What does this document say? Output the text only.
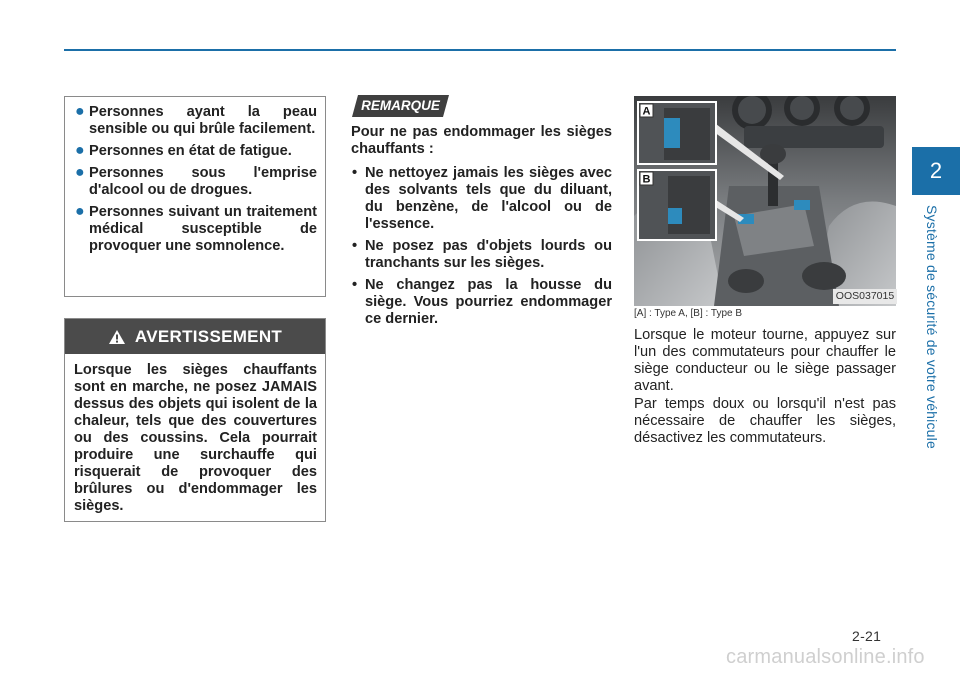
2
Système de sécurité de votre véhicule
● Personnes ayant la peau sensible ou qui brûle facilement.
● Personnes en état de fatigue.
● Personnes sous l'emprise d'alcool ou de drogues.
● Personnes suivant un traitement médical susceptible de provoquer une somnolence.
AVERTISSEMENT
Lorsque les sièges chauffants sont en marche, ne posez JAMAIS dessus des objets qui isolent de la chaleur, tels que des couvertures ou des coussins. Cela pourrait produire une surchauffe qui risquerait de provoquer des brûlures ou d'endommager les sièges.
REMARQUE
Pour ne pas endommager les sièges chauffants :
• Ne nettoyez jamais les sièges avec des solvants tels que du diluant, du benzène, de l'alcool ou de l'essence.
• Ne posez pas d'objets lourds ou tranchants sur les sièges.
• Ne changez pas la housse du siège. Vous pourriez endommager ce dernier.
A
B
OOS037015
[A] : Type A, [B] : Type B
Lorsque le moteur tourne, appuyez sur l'un des commutateurs pour chauffer le siège conducteur ou le siège passager avant.
Par temps doux ou lorsqu'il n'est pas nécessaire de chauffer les sièges, désactivez les commutateurs.
2-21
carmanualsonline.info
